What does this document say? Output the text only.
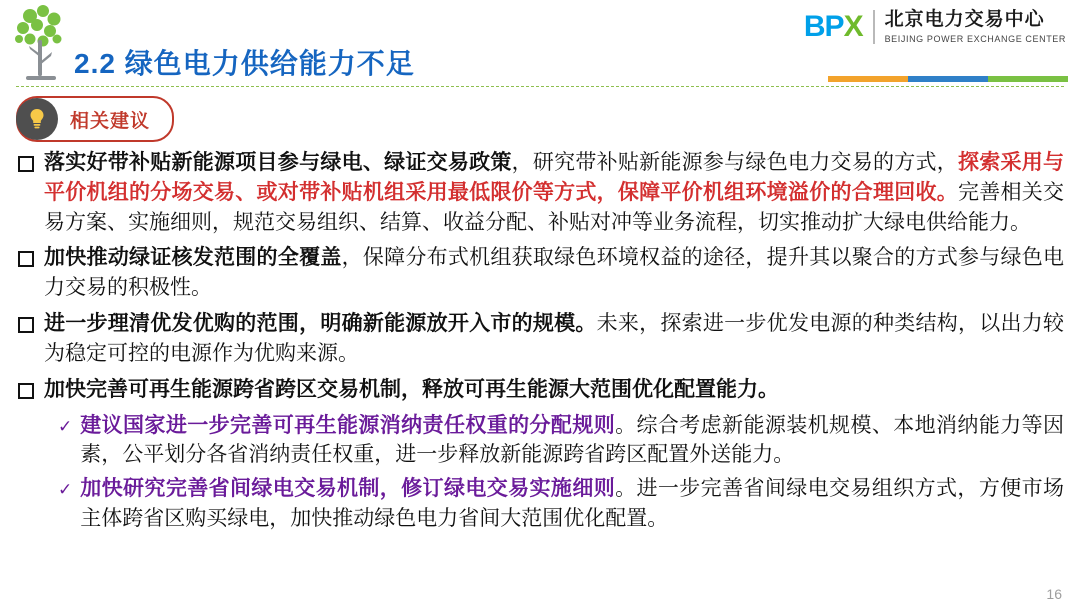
2.2 绿色电力供给能力不足
BPX 北京电力交易中心
BEIJING POWER EXCHANGE CENTER
相关建议
落实好带补贴新能源项目参与绿电、绿证交易政策，研究带补贴新能源参与绿色电力交易的方式，探索采用与平价机组的分场交易、或对带补贴机组采用最低限价等方式，保障平价机组环境溢价的合理回收。完善相关交易方案、实施细则，规范交易组织、结算、收益分配、补贴对冲等业务流程，切实推动扩大绿电供给能力。
加快推动绿证核发范围的全覆盖，保障分布式机组获取绿色环境权益的途径，提升其以聚合的方式参与绿色电力交易的积极性。
进一步理清优发优购的范围，明确新能源放开入市的规模。未来，探索进一步优发电源的种类结构，以出力较为稳定可控的电源作为优购来源。
加快完善可再生能源跨省跨区交易机制，释放可再生能源大范围优化配置能力。
✓ 建议国家进一步完善可再生能源消纳责任权重的分配规则。综合考虑新能源装机规模、本地消纳能力等因素，公平划分各省消纳责任权重，进一步释放新能源跨省跨区配置外送能力。
✓ 加快研究完善省间绿电交易机制，修订绿电交易实施细则。进一步完善省间绿电交易组织方式，方便市场主体跨省区购买绿电，加快推动绿色电力省间大范围优化配置。
16
